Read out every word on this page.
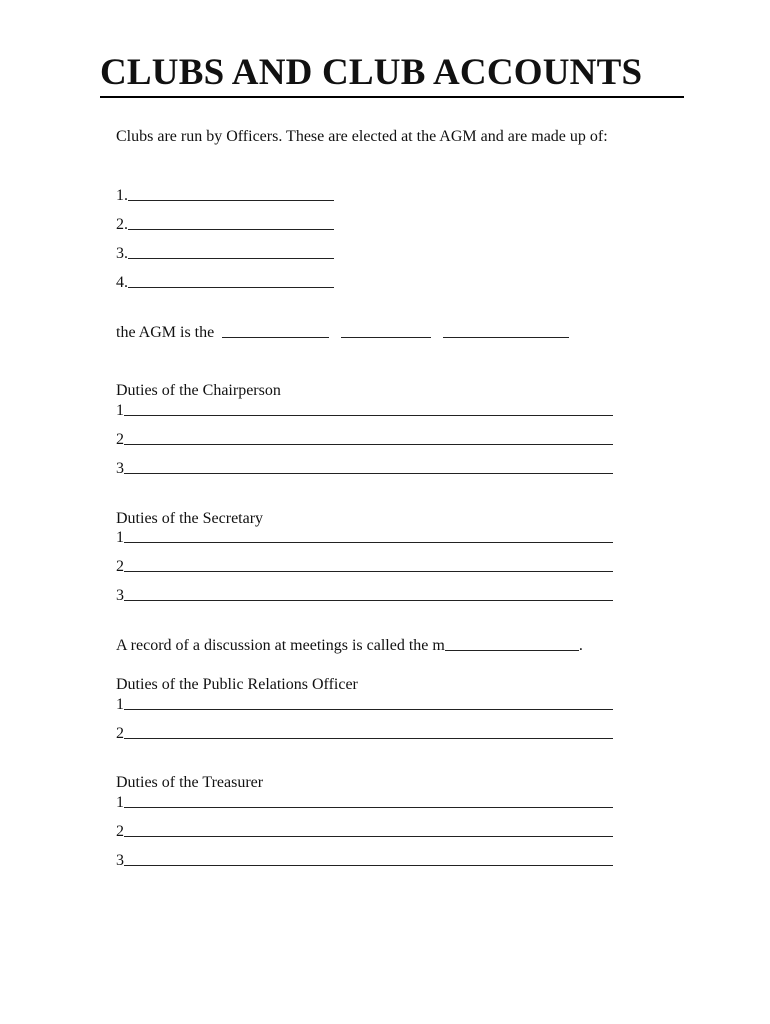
CLUBS AND CLUB ACCOUNTS

Clubs are run by Officers. These are elected at the AGM and are made up of:

1.
2.
3.
4.
the AGM is the
Duties of the Chairperson
1
2
3
Duties of the Secretary
1
2
3
A record of a discussion at meetings is called the m	.
Duties of the Public Relations Officer
1
2
Duties of the Treasurer
1
2
3
